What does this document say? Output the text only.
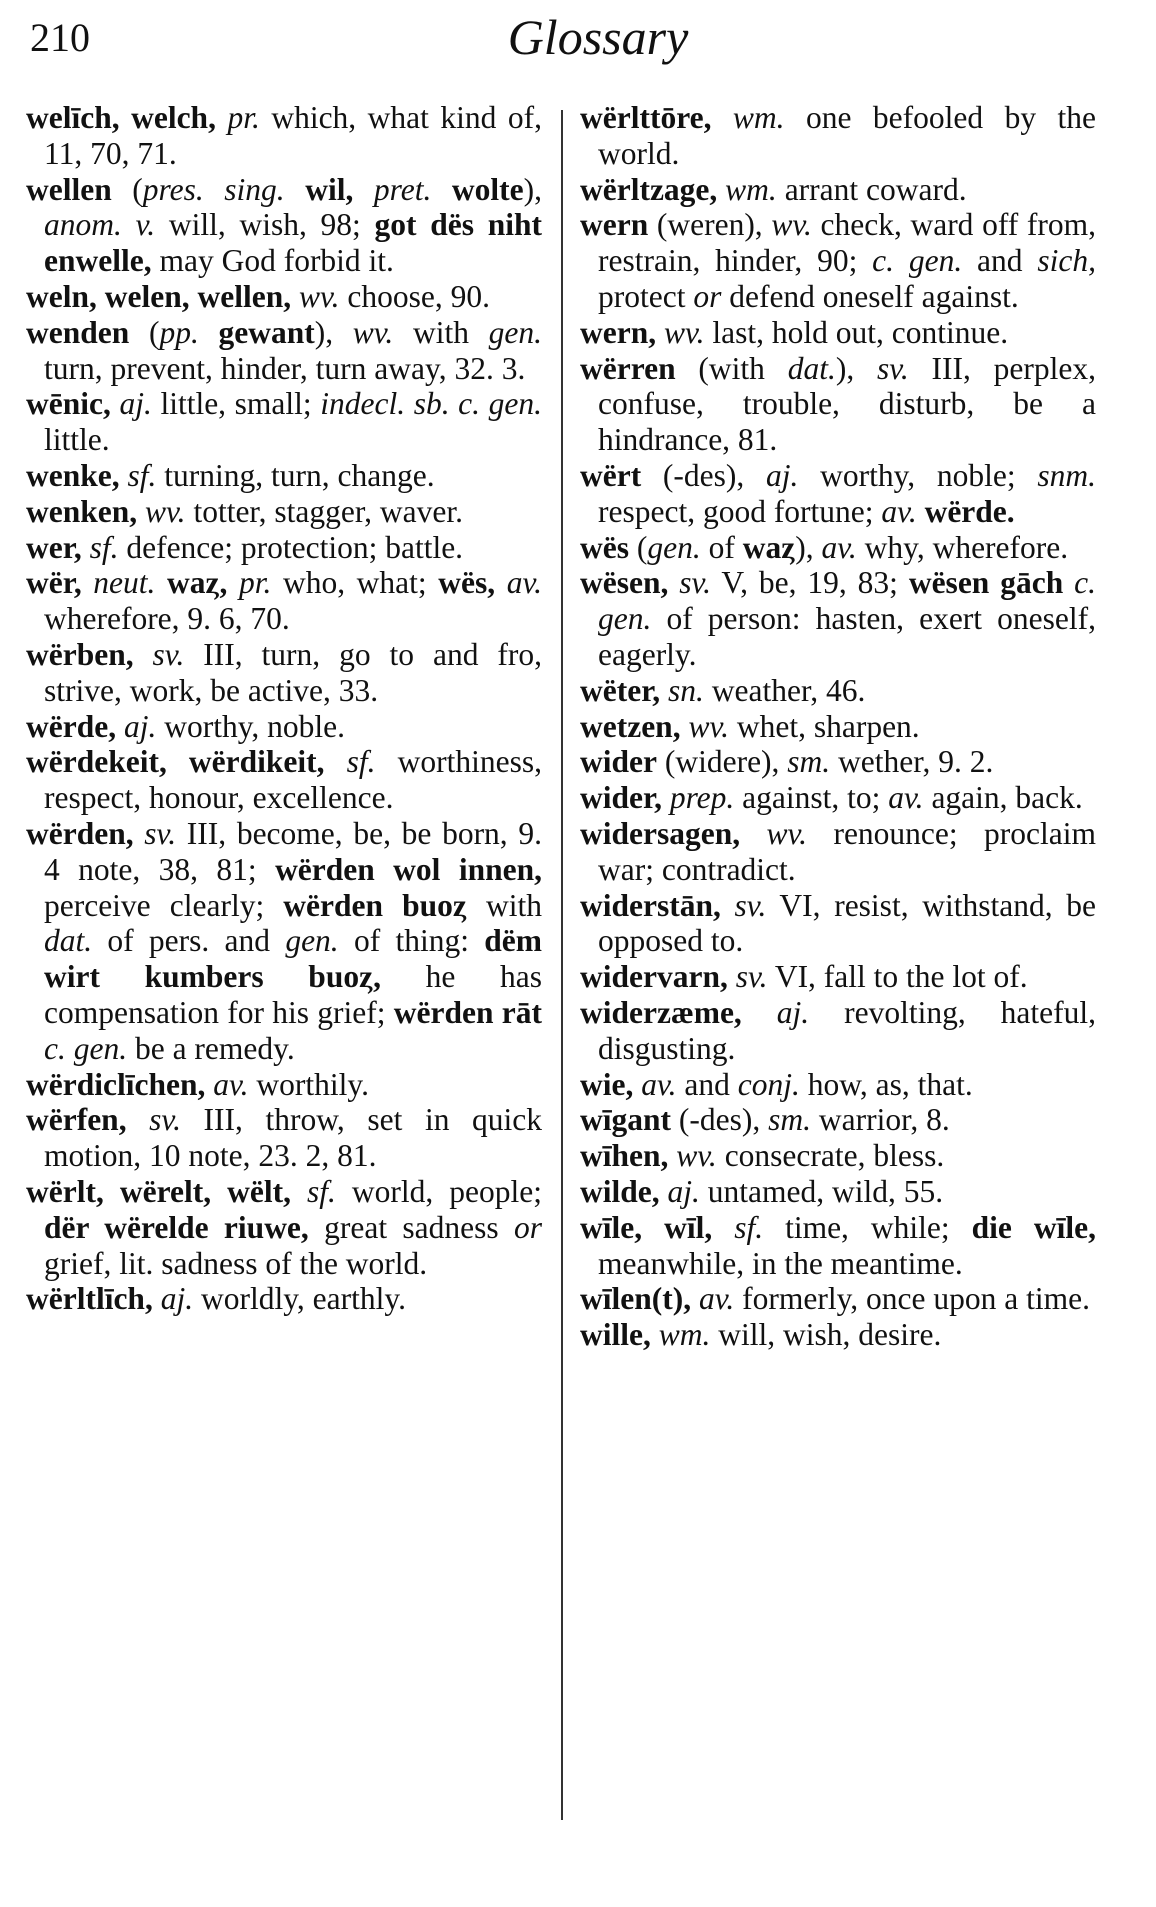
210	Glossary

welīch, welch, pr. which, what kind of, 11, 70, 71.

wellen (pres. sing. wil, pret. wolte), anom. v. will, wish, 98; got dës niht enwelle, may God forbid it.

weln, welen, wellen, wv. choose, 90.

wenden (pp. gewant), wv. with gen. turn, prevent, hinder, turn away, 32. 3.

wēnic, aj. little, small; indecl. sb. c. gen. little.

wenke, sf. turning, turn, change.

wenken, wv. totter, stagger, waver.

wer, sf. defence; protection; battle.

wër, neut. waȥ, pr. who, what; wës, av. wherefore, 9. 6, 70.

wërben, sv. III, turn, go to and fro, strive, work, be active, 33.

wërde, aj. worthy, noble.

wërdekeit, wërdikeit, sf. worthiness, respect, honour, excellence.

wërden, sv. III, become, be, be born, 9. 4 note, 38, 81; wërden wol innen, perceive clearly; wërden buoȥ with dat. of pers. and gen. of thing: dëm wirt kumbers buoȥ, he has compensation for his grief; wërden rāt c. gen. be a remedy.

wërdiclīchen, av. worthily.

wërfen, sv. III, throw, set in quick motion, 10 note, 23. 2, 81.

wërlt, wërelt, wëlt, sf. world, people; dër wërelde riuwe, great sadness or grief, lit. sadness of the world.

wërltlīch, aj. worldly, earthly.

wërlttōre, wm. one befooled by the world.

wërltzage, wm. arrant coward.

wern (weren), wv. check, ward off from, restrain, hinder, 90; c. gen. and sich, protect or defend oneself against.

wern, wv. last, hold out, continue.

wërren (with dat.), sv. III, perplex, confuse, trouble, disturb, be a hindrance, 81.

wërt (-des), aj. worthy, noble; snm. respect, good fortune; av. wërde.

wës (gen. of waȥ), av. why, wherefore.

wësen, sv. V, be, 19, 83; wësen gāch c. gen. of person: hasten, exert oneself, eagerly.

wëter, sn. weather, 46.

wetzen, wv. whet, sharpen.

wider (widere), sm. wether, 9. 2.

wider, prep. against, to; av. again, back.

widersagen, wv. renounce; proclaim war; contradict.

widerstān, sv. VI, resist, withstand, be opposed to.

widervarn, sv. VI, fall to the lot of.

widerzæme, aj. revolting, hateful, disgusting.

wie, av. and conj. how, as, that.

wīgant (-des), sm. warrior, 8.

wīhen, wv. consecrate, bless.

wilde, aj. untamed, wild, 55.

wīle, wīl, sf. time, while; die wīle, meanwhile, in the meantime.

wīlen(t), av. formerly, once upon a time.

wille, wm. will, wish, desire.
